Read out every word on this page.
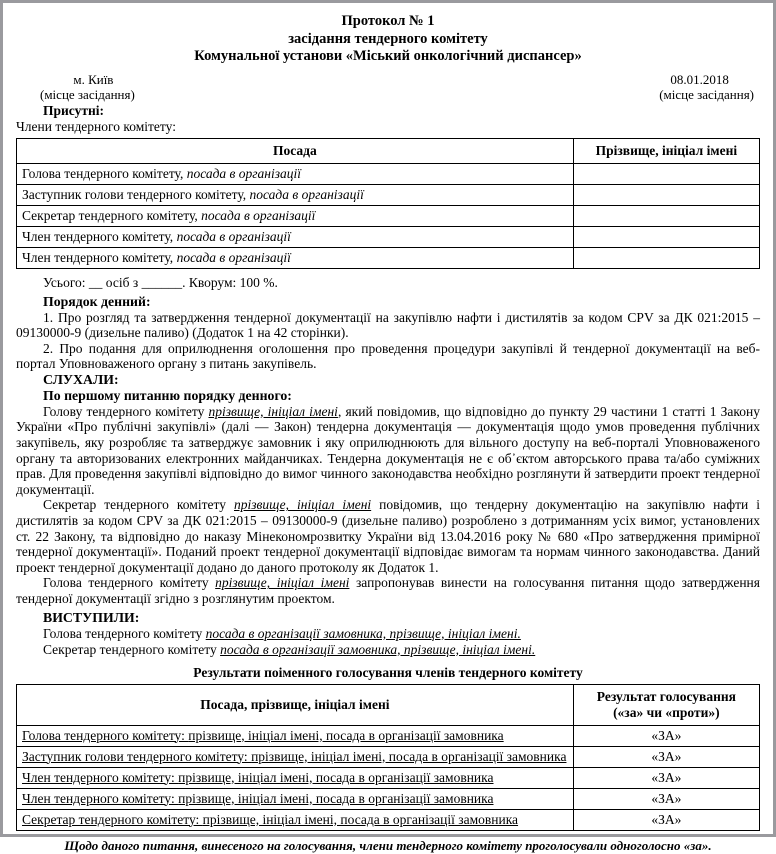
Протокол № 1
засідання тендерного комітету
Комунальної установи «Міський онкологічний диспансер»
м. Київ
(місце засідання)
08.01.2018
(місце засідання)
Присутні:
Члени тендерного комітету:
Посада	Прізвище, ініціал імені
Голова тендерного комітету, посада в організації	
Заступник голови тендерного комітету, посада в організації	
Секретар тендерного комітету, посада в організації	
Член тендерного комітету, посада в організації	
Член тендерного комітету, посада в організації	
Усього: __ осіб з ______. Кворум: 100 %.
Порядок денний:

1. Про розгляд та затвердження тендерної документації на закупівлю нафти і дистилятів за кодом CPV за ДК 021:2015 – 09130000-9 (дизельне паливо) (Додаток 1 на 42 сторінки).

2. Про подання для оприлюднення оголошення про проведення процедури закупівлі й тендерної документації на веб-портал Уповноваженого органу з питань закупівель.

СЛУХАЛИ:
По першому питанню порядку денного:

Голову тендерного комітету прізвище, ініціал імені, який повідомив, що відповідно до пункту 29 частини 1 статті 1 Закону України «Про публічні закупівлі» (далі — Закон) тендерна документація — документація щодо умов проведення публічних закупівель, яку розробляє та затверджує замовник і яку оприлюднюють для вільного доступу на веб-порталі Уповноваженого органу та авторизованих електронних майданчиках. Тендерна документація не є об᾽єктом авторського права та/або суміжних прав. Для проведення закупівлі відповідно до вимог чинного законодавства необхідно розглянути й затвердити проект тендерної документації.

Секретар тендерного комітету прізвище, ініціал імені повідомив, що тендерну документацію на закупівлю нафти і дистилятів за кодом CPV за ДК 021:2015 – 09130000-9 (дизельне паливо) розроблено з дотриманням усіх вимог, установлених ст. 22 Закону, та відповідно до наказу Мінекономрозвитку України від 13.04.2016 року № 680 «Про затвердження примірної тендерної документації». Поданий проект тендерної документації відповідає вимогам та нормам чинного законодавства. Даний проект тендерної документації додано до даного протоколу як Додаток 1.

Голова тендерного комітету прізвище, ініціал імені запропонував винести на голосування питання щодо затвердження тендерної документації згідно з розглянутим проектом.

ВИСТУПИЛИ:
Голова тендерного комітету посада в організації замовника, прізвище, ініціал імені.
Секретар тендерного комітету посада в організації замовника, прізвище, ініціал імені.
Результати поіменного голосування членів тендерного комітету
Посада, прізвище, ініціал імені	Результат голосування
(«за» чи «проти»)

Голова тендерного комітету: прізвище, ініціал імені, посада в організації замовника	«ЗА»
Заступник голови тендерного комітету: прізвище, ініціал імені, посада в організації замовника	«ЗА»
Член тендерного комітету: прізвище, ініціал імені, посада в організації замовника	«ЗА»
Член тендерного комітету: прізвище, ініціал імені, посада в організації замовника	«ЗА»
Секретар тендерного комітету: прізвище, ініціал імені, посада в організації замовника	«ЗА»
Щодо даного питання, винесеного на голосування, члени тендерного комітету проголосували одноголосно «за».
